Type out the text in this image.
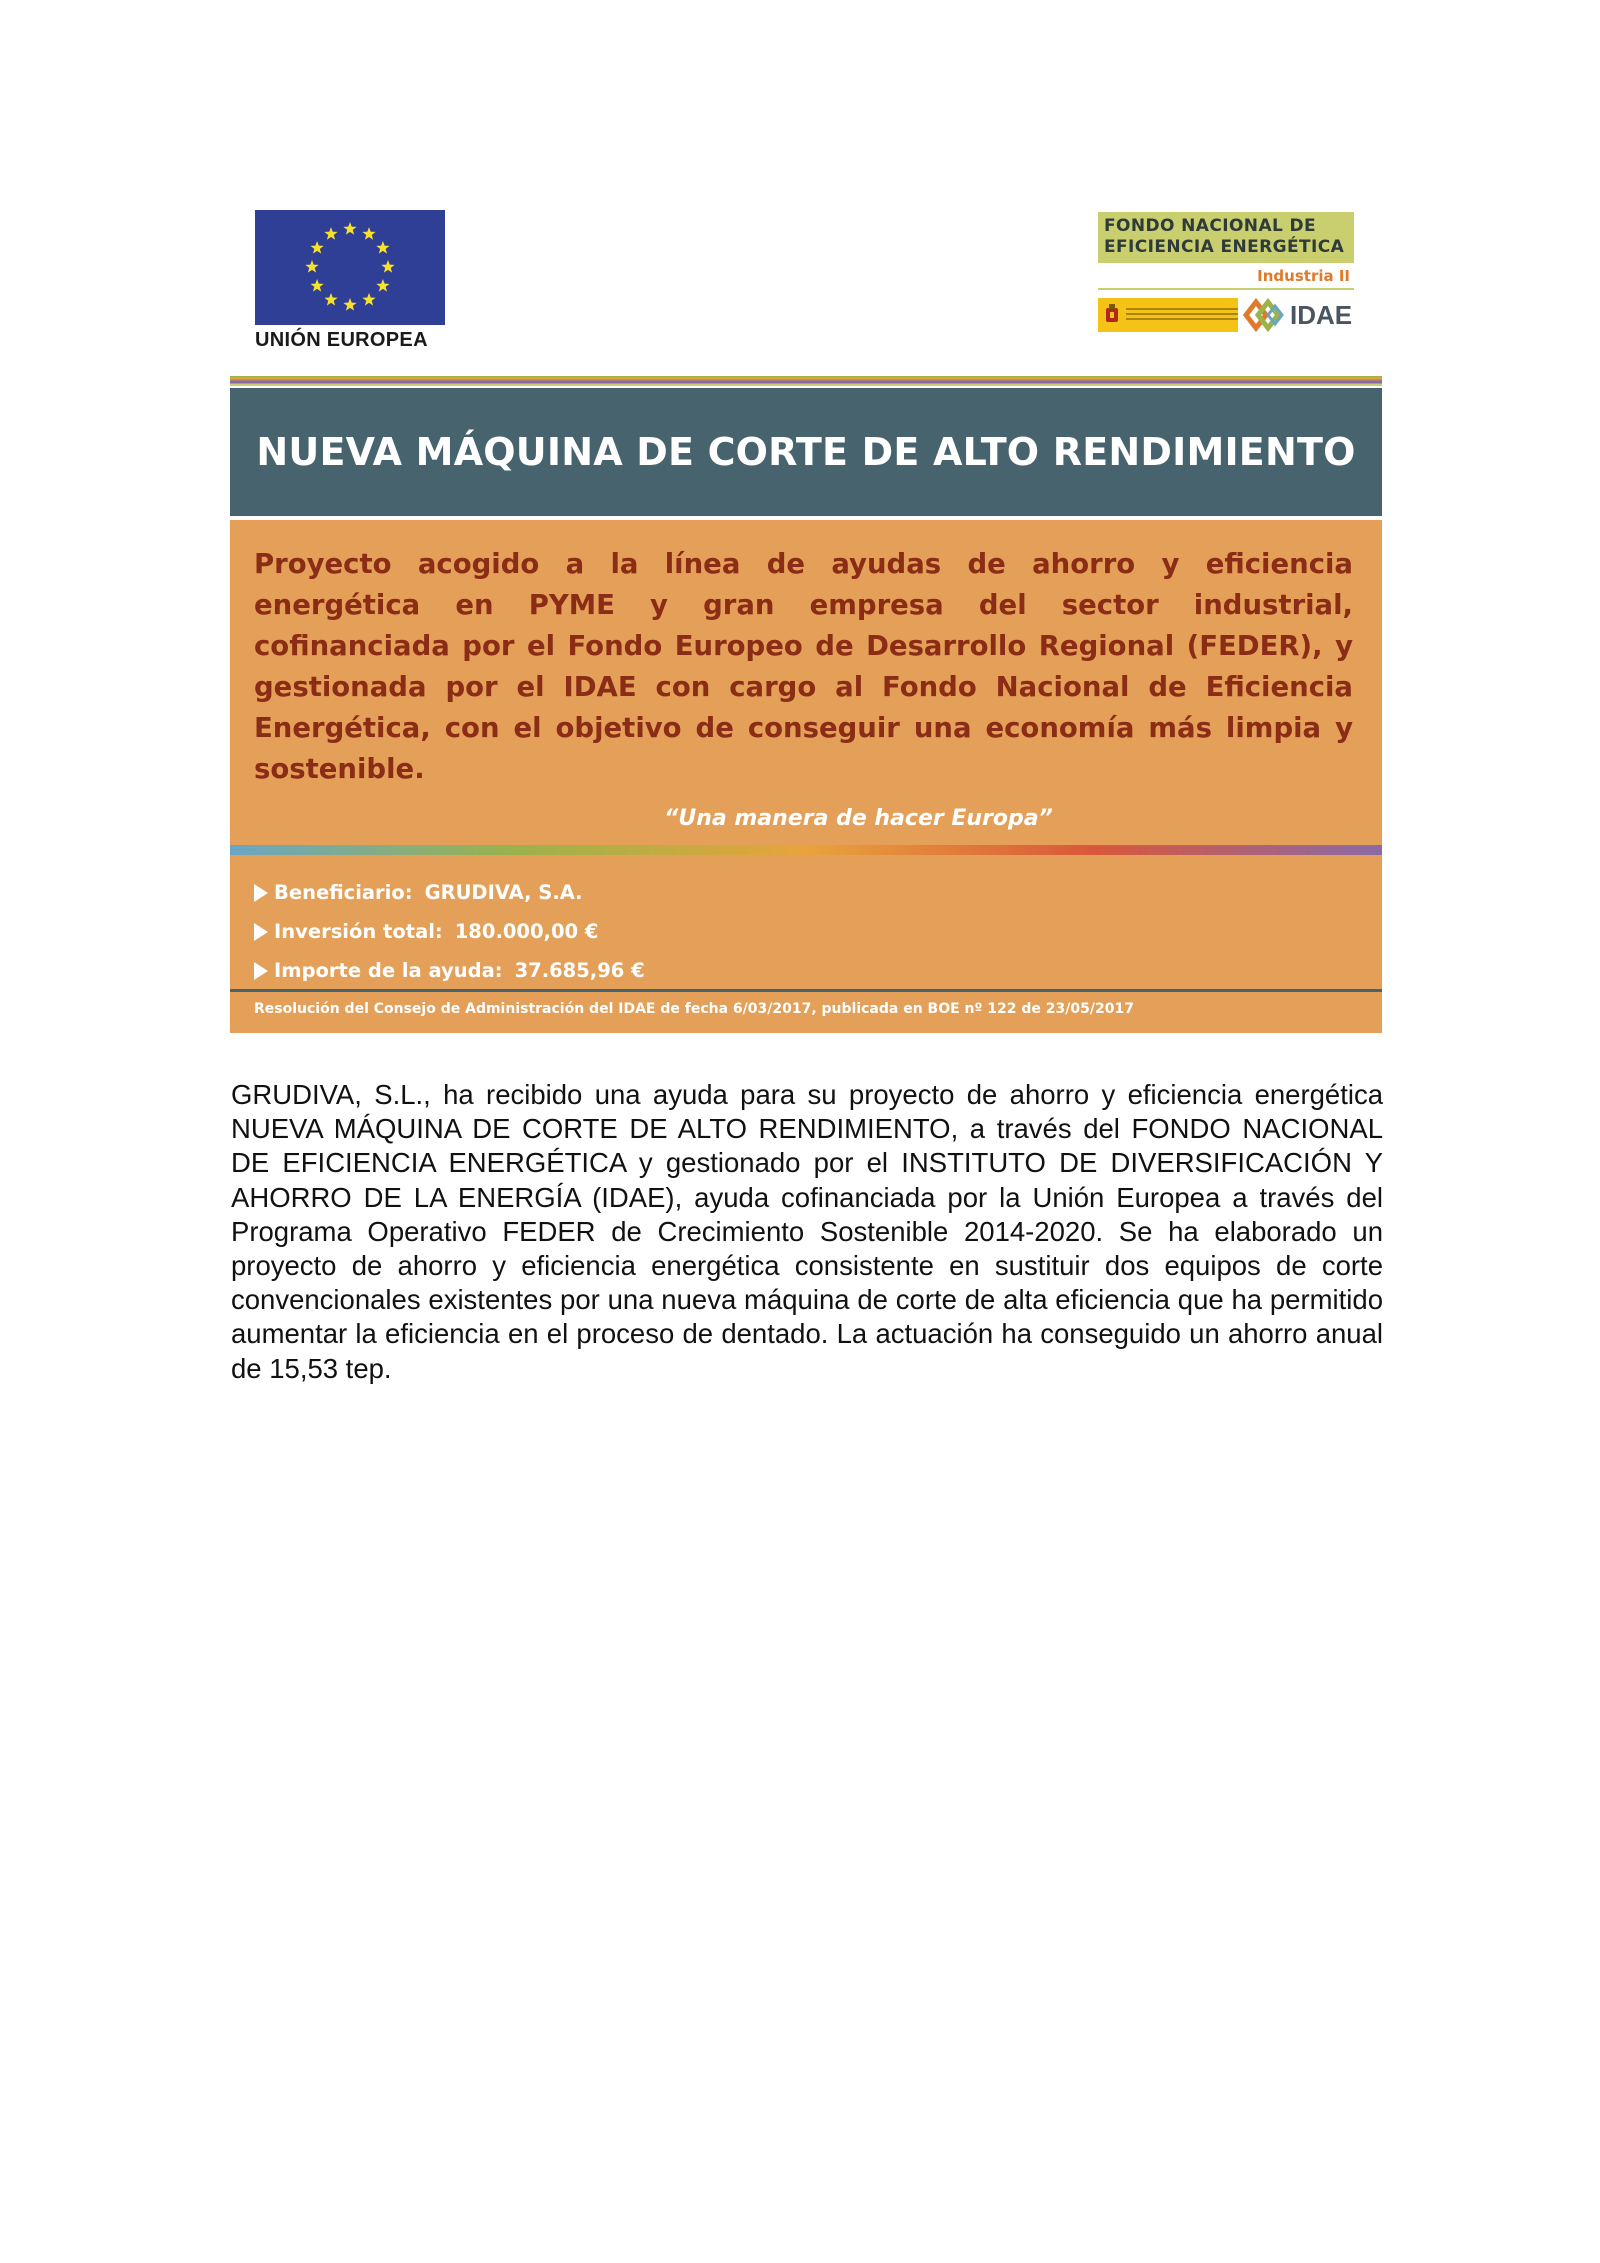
UNIÓN EUROPEA
FONDO NACIONAL DE
EFICIENCIA ENERGÉTICA
Industria II
IDAE
NUEVA MÁQUINA DE CORTE DE ALTO RENDIMIENTO

Proyecto acogido a la línea de ayudas de ahorro y eficiencia energética en PYME y gran empresa del sector industrial, cofinanciada por el Fondo Europeo de Desarrollo Regional (FEDER), y gestionada por el IDAE con cargo al Fondo Nacional de Eficiencia Energética, con el objetivo de conseguir una economía más limpia y sostenible.

“Una manera de hacer Europa”
Beneficiario: GRUDIVA, S.A.
Inversión total: 180.000,00 €
Importe de la ayuda: 37.685,96 €
Resolución del Consejo de Administración del IDAE de fecha 6/03/2017, publicada en BOE nº 122 de 23/05/2017

GRUDIVA, S.L., ha recibido una ayuda para su proyecto de ahorro y eficiencia energética NUEVA MÁQUINA DE CORTE DE ALTO RENDIMIENTO, a través del FONDO NACIONAL DE EFICIENCIA ENERGÉTICA y gestionado por el INSTITUTO DE DIVERSIFICACIÓN Y AHORRO DE LA ENERGÍA (IDAE), ayuda cofinanciada por la Unión Europea a través del Programa Operativo FEDER de Crecimiento Sostenible 2014-2020. Se ha elaborado un proyecto de ahorro y eficiencia energética consistente en sustituir dos equipos de corte convencionales existentes por una nueva máquina de corte de alta eficiencia que ha permitido aumentar la eficiencia en el proceso de dentado. La actuación ha conseguido un ahorro anual de 15,53 tep.
